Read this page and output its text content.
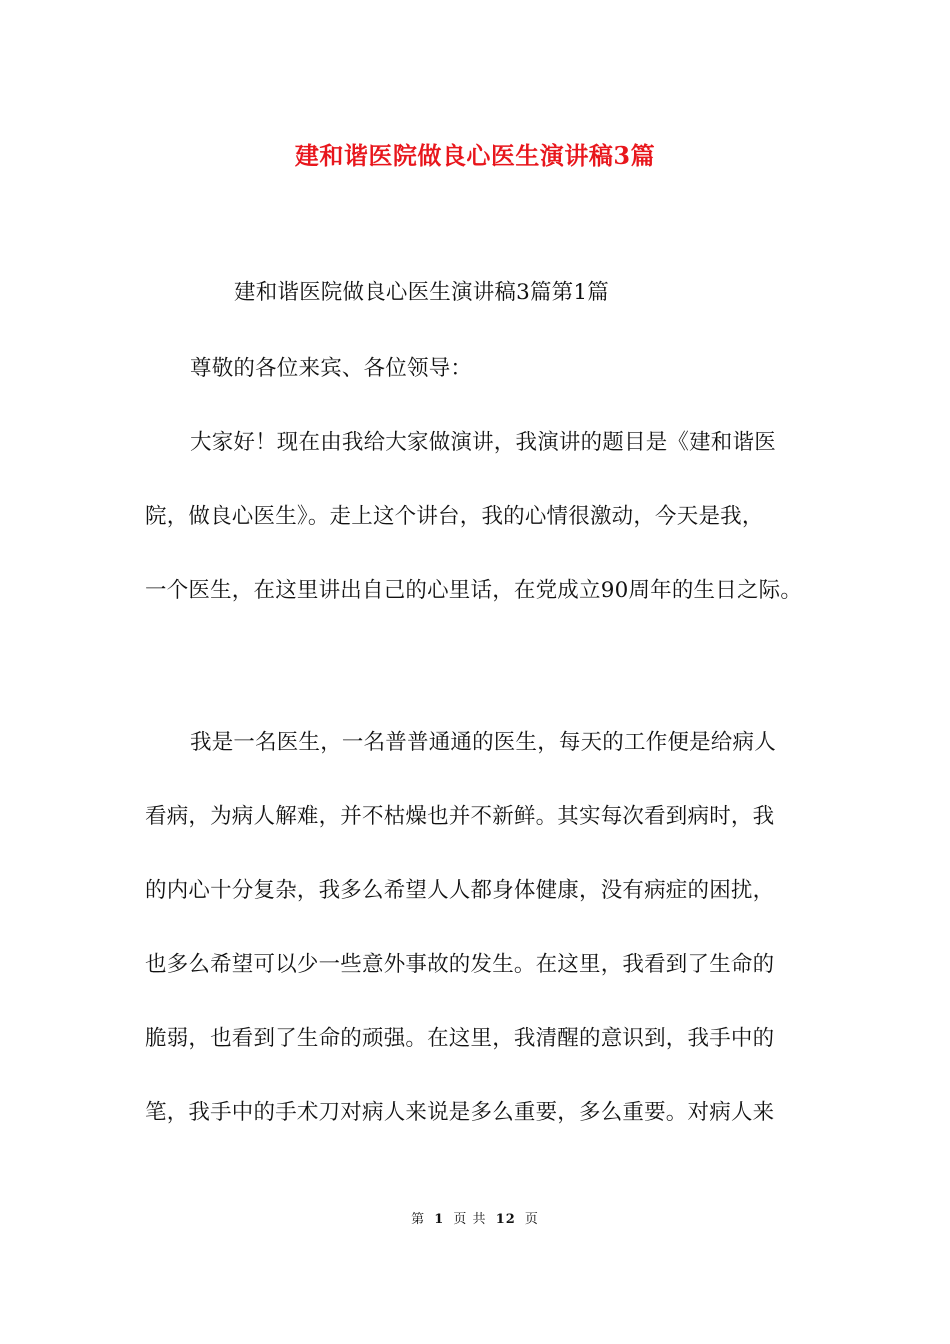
建和谐医院做良心医生演讲稿3篇
建和谐医院做良心医生演讲稿3篇第1篇
尊敬的各位来宾、各位领导：
大家好！现在由我给大家做演讲，我演讲的题目是《建和谐医
院，做良心医生》。走上这个讲台，我的心情很激动，今天是我，
一个医生，在这里讲出自己的心里话，在党成立90周年的生日之际。
我是一名医生，一名普普通通的医生，每天的工作便是给病人
看病，为病人解难，并不枯燥也并不新鲜。其实每次看到病时，我
的内心十分复杂，我多么希望人人都身体健康，没有病症的困扰，
也多么希望可以少一些意外事故的发生。在这里，我看到了生命的
脆弱，也看到了生命的顽强。在这里，我清醒的意识到，我手中的
笔，我手中的手术刀对病人来说是多么重要，多么重要。对病人来
第 1 页 共 12 页
